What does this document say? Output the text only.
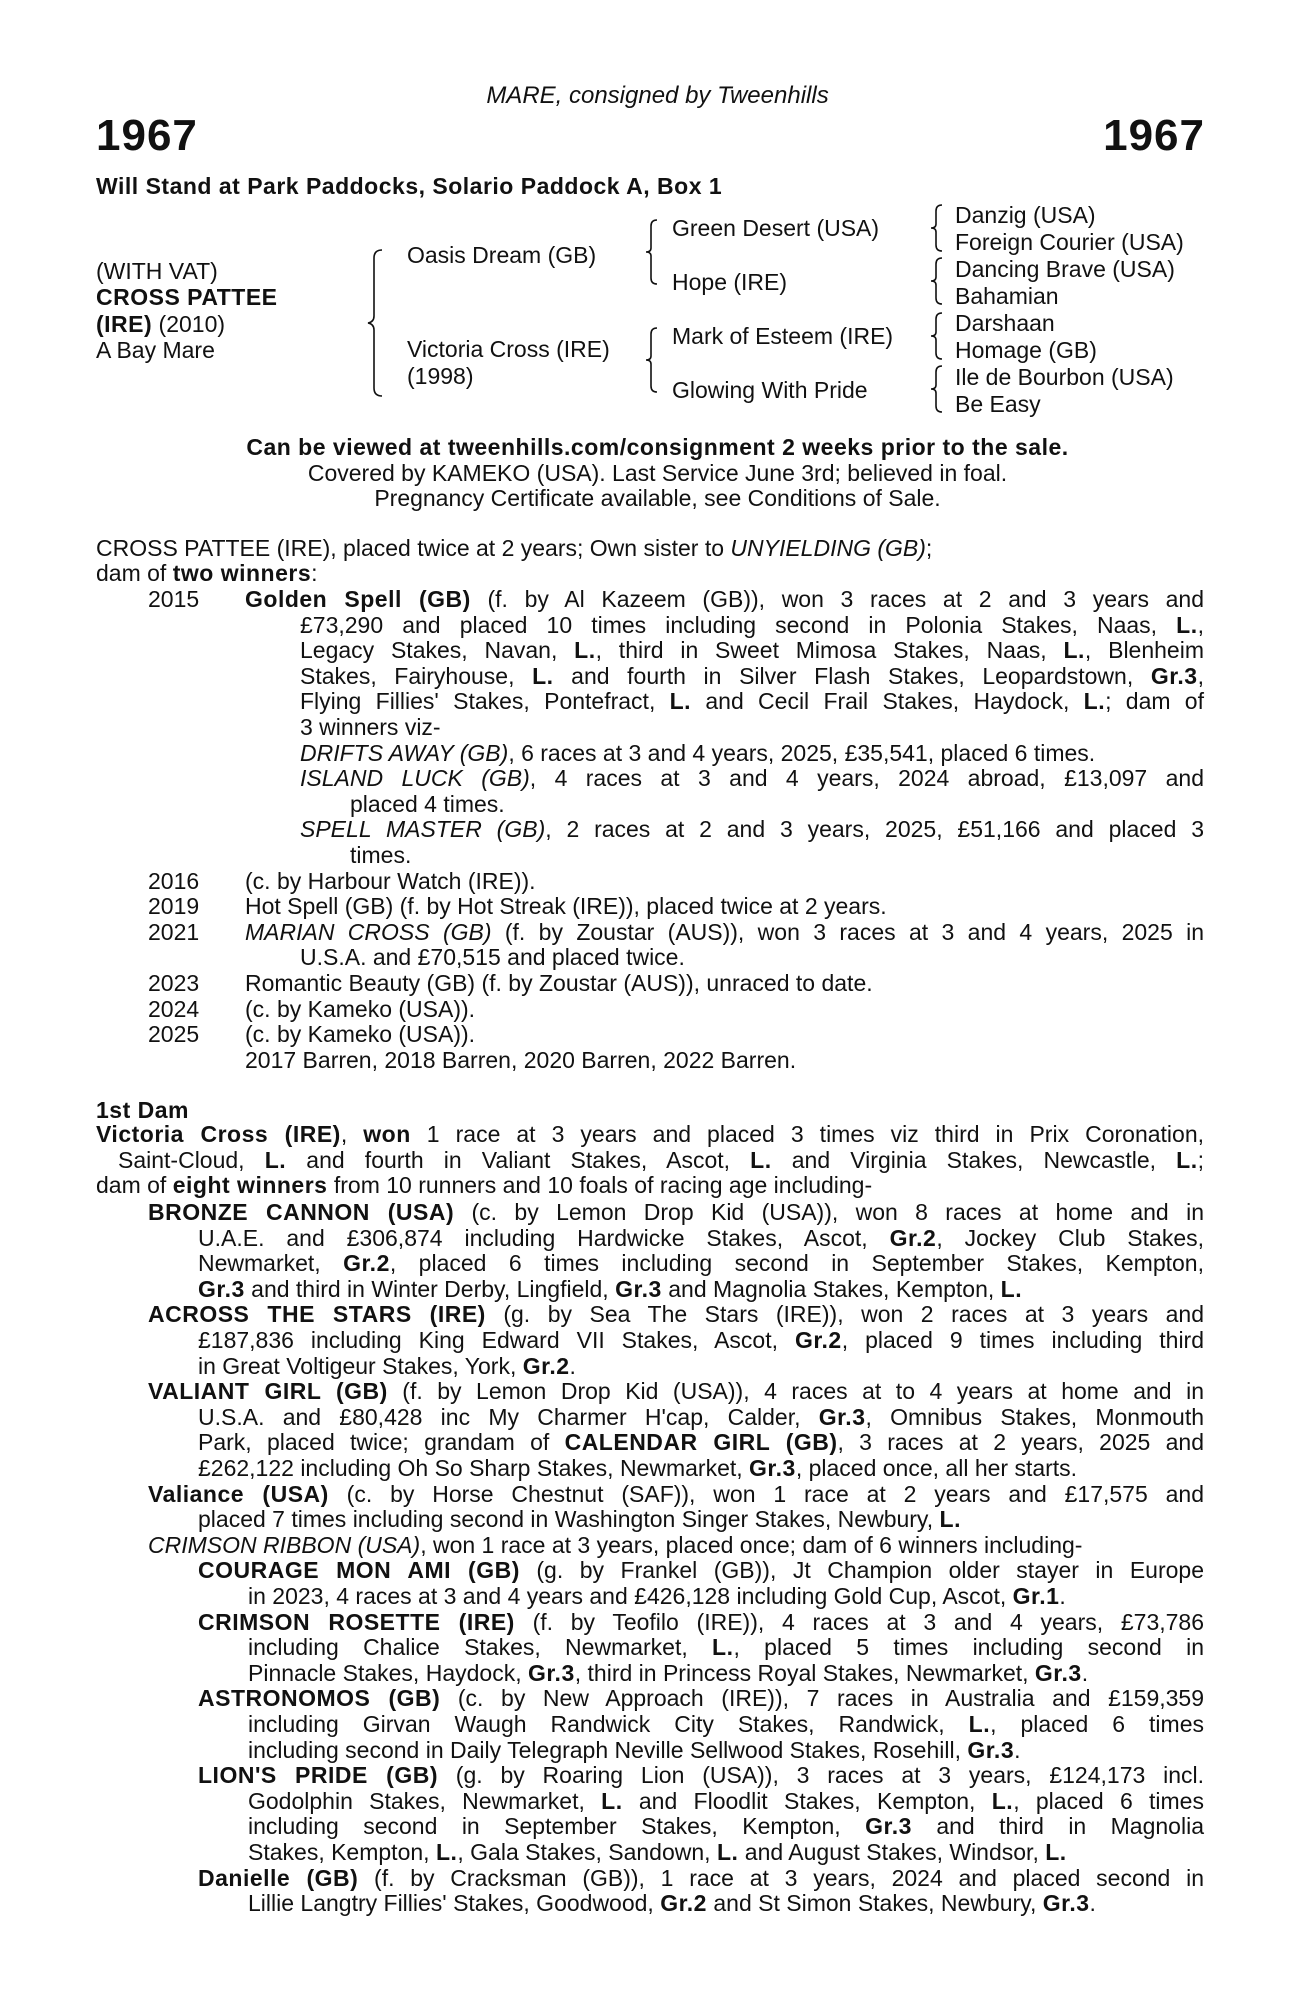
MARE, consigned by Tweenhills
1967	1967
Will Stand at Park Paddocks, Solario Paddock A, Box 1
(WITH VAT)
CROSS PATTEE
(IRE) (2010)
A Bay Mare
Oasis Dream (GB)
Victoria Cross (IRE)
(1998)
Green Desert (USA)
Hope (IRE)
Mark of Esteem (IRE)
Glowing With Pride
Danzig (USA)
Foreign Courier (USA)
Dancing Brave (USA)
Bahamian
Darshaan
Homage (GB)
Ile de Bourbon (USA)
Be Easy
Can be viewed at tweenhills.com/consignment 2 weeks prior to the sale.
Covered by KAMEKO (USA). Last Service June 3rd; believed in foal.
Pregnancy Certificate available, see Conditions of Sale.
CROSS PATTEE (IRE), placed twice at 2 years; Own sister to UNYIELDING (GB);
dam of two winners:
2015 Golden Spell (GB) (f. by Al Kazeem (GB)), won 3 races at 2 and 3 years and
£73,290 and placed 10 times including second in Polonia Stakes, Naas, L.,
Legacy Stakes, Navan, L., third in Sweet Mimosa Stakes, Naas, L., Blenheim
Stakes, Fairyhouse, L. and fourth in Silver Flash Stakes, Leopardstown, Gr.3,
Flying Fillies' Stakes, Pontefract, L. and Cecil Frail Stakes, Haydock, L.; dam of
3 winners viz-
DRIFTS AWAY (GB), 6 races at 3 and 4 years, 2025, £35,541, placed 6 times.
ISLAND LUCK (GB), 4 races at 3 and 4 years, 2024 abroad, £13,097 and
placed 4 times.
SPELL MASTER (GB), 2 races at 2 and 3 years, 2025, £51,166 and placed 3
times.
2016 (c. by Harbour Watch (IRE)).
2019 Hot Spell (GB) (f. by Hot Streak (IRE)), placed twice at 2 years.
2021 MARIAN CROSS (GB) (f. by Zoustar (AUS)), won 3 races at 3 and 4 years, 2025 in
U.S.A. and £70,515 and placed twice.
2023 Romantic Beauty (GB) (f. by Zoustar (AUS)), unraced to date.
2024 (c. by Kameko (USA)).
2025 (c. by Kameko (USA)).
2017 Barren, 2018 Barren, 2020 Barren, 2022 Barren.
1st Dam
Victoria Cross (IRE), won 1 race at 3 years and placed 3 times viz third in Prix Coronation,
Saint-Cloud, L. and fourth in Valiant Stakes, Ascot, L. and Virginia Stakes, Newcastle, L.;
dam of eight winners from 10 runners and 10 foals of racing age including-
BRONZE CANNON (USA) (c. by Lemon Drop Kid (USA)), won 8 races at home and in
U.A.E. and £306,874 including Hardwicke Stakes, Ascot, Gr.2, Jockey Club Stakes,
Newmarket, Gr.2, placed 6 times including second in September Stakes, Kempton,
Gr.3 and third in Winter Derby, Lingfield, Gr.3 and Magnolia Stakes, Kempton, L.
ACROSS THE STARS (IRE) (g. by Sea The Stars (IRE)), won 2 races at 3 years and
£187,836 including King Edward VII Stakes, Ascot, Gr.2, placed 9 times including third
in Great Voltigeur Stakes, York, Gr.2.
VALIANT GIRL (GB) (f. by Lemon Drop Kid (USA)), 4 races at to 4 years at home and in
U.S.A. and £80,428 inc My Charmer H'cap, Calder, Gr.3, Omnibus Stakes, Monmouth
Park, placed twice; grandam of CALENDAR GIRL (GB), 3 races at 2 years, 2025 and
£262,122 including Oh So Sharp Stakes, Newmarket, Gr.3, placed once, all her starts.
Valiance (USA) (c. by Horse Chestnut (SAF)), won 1 race at 2 years and £17,575 and
placed 7 times including second in Washington Singer Stakes, Newbury, L.
CRIMSON RIBBON (USA), won 1 race at 3 years, placed once; dam of 6 winners including-
COURAGE MON AMI (GB) (g. by Frankel (GB)), Jt Champion older stayer in Europe
in 2023, 4 races at 3 and 4 years and £426,128 including Gold Cup, Ascot, Gr.1.
CRIMSON ROSETTE (IRE) (f. by Teofilo (IRE)), 4 races at 3 and 4 years, £73,786
including Chalice Stakes, Newmarket, L., placed 5 times including second in
Pinnacle Stakes, Haydock, Gr.3, third in Princess Royal Stakes, Newmarket, Gr.3.
ASTRONOMOS (GB) (c. by New Approach (IRE)), 7 races in Australia and £159,359
including Girvan Waugh Randwick City Stakes, Randwick, L., placed 6 times
including second in Daily Telegraph Neville Sellwood Stakes, Rosehill, Gr.3.
LION'S PRIDE (GB) (g. by Roaring Lion (USA)), 3 races at 3 years, £124,173 incl.
Godolphin Stakes, Newmarket, L. and Floodlit Stakes, Kempton, L., placed 6 times
including second in September Stakes, Kempton, Gr.3 and third in Magnolia
Stakes, Kempton, L., Gala Stakes, Sandown, L. and August Stakes, Windsor, L.
Danielle (GB) (f. by Cracksman (GB)), 1 race at 3 years, 2024 and placed second in
Lillie Langtry Fillies' Stakes, Goodwood, Gr.2 and St Simon Stakes, Newbury, Gr.3.
